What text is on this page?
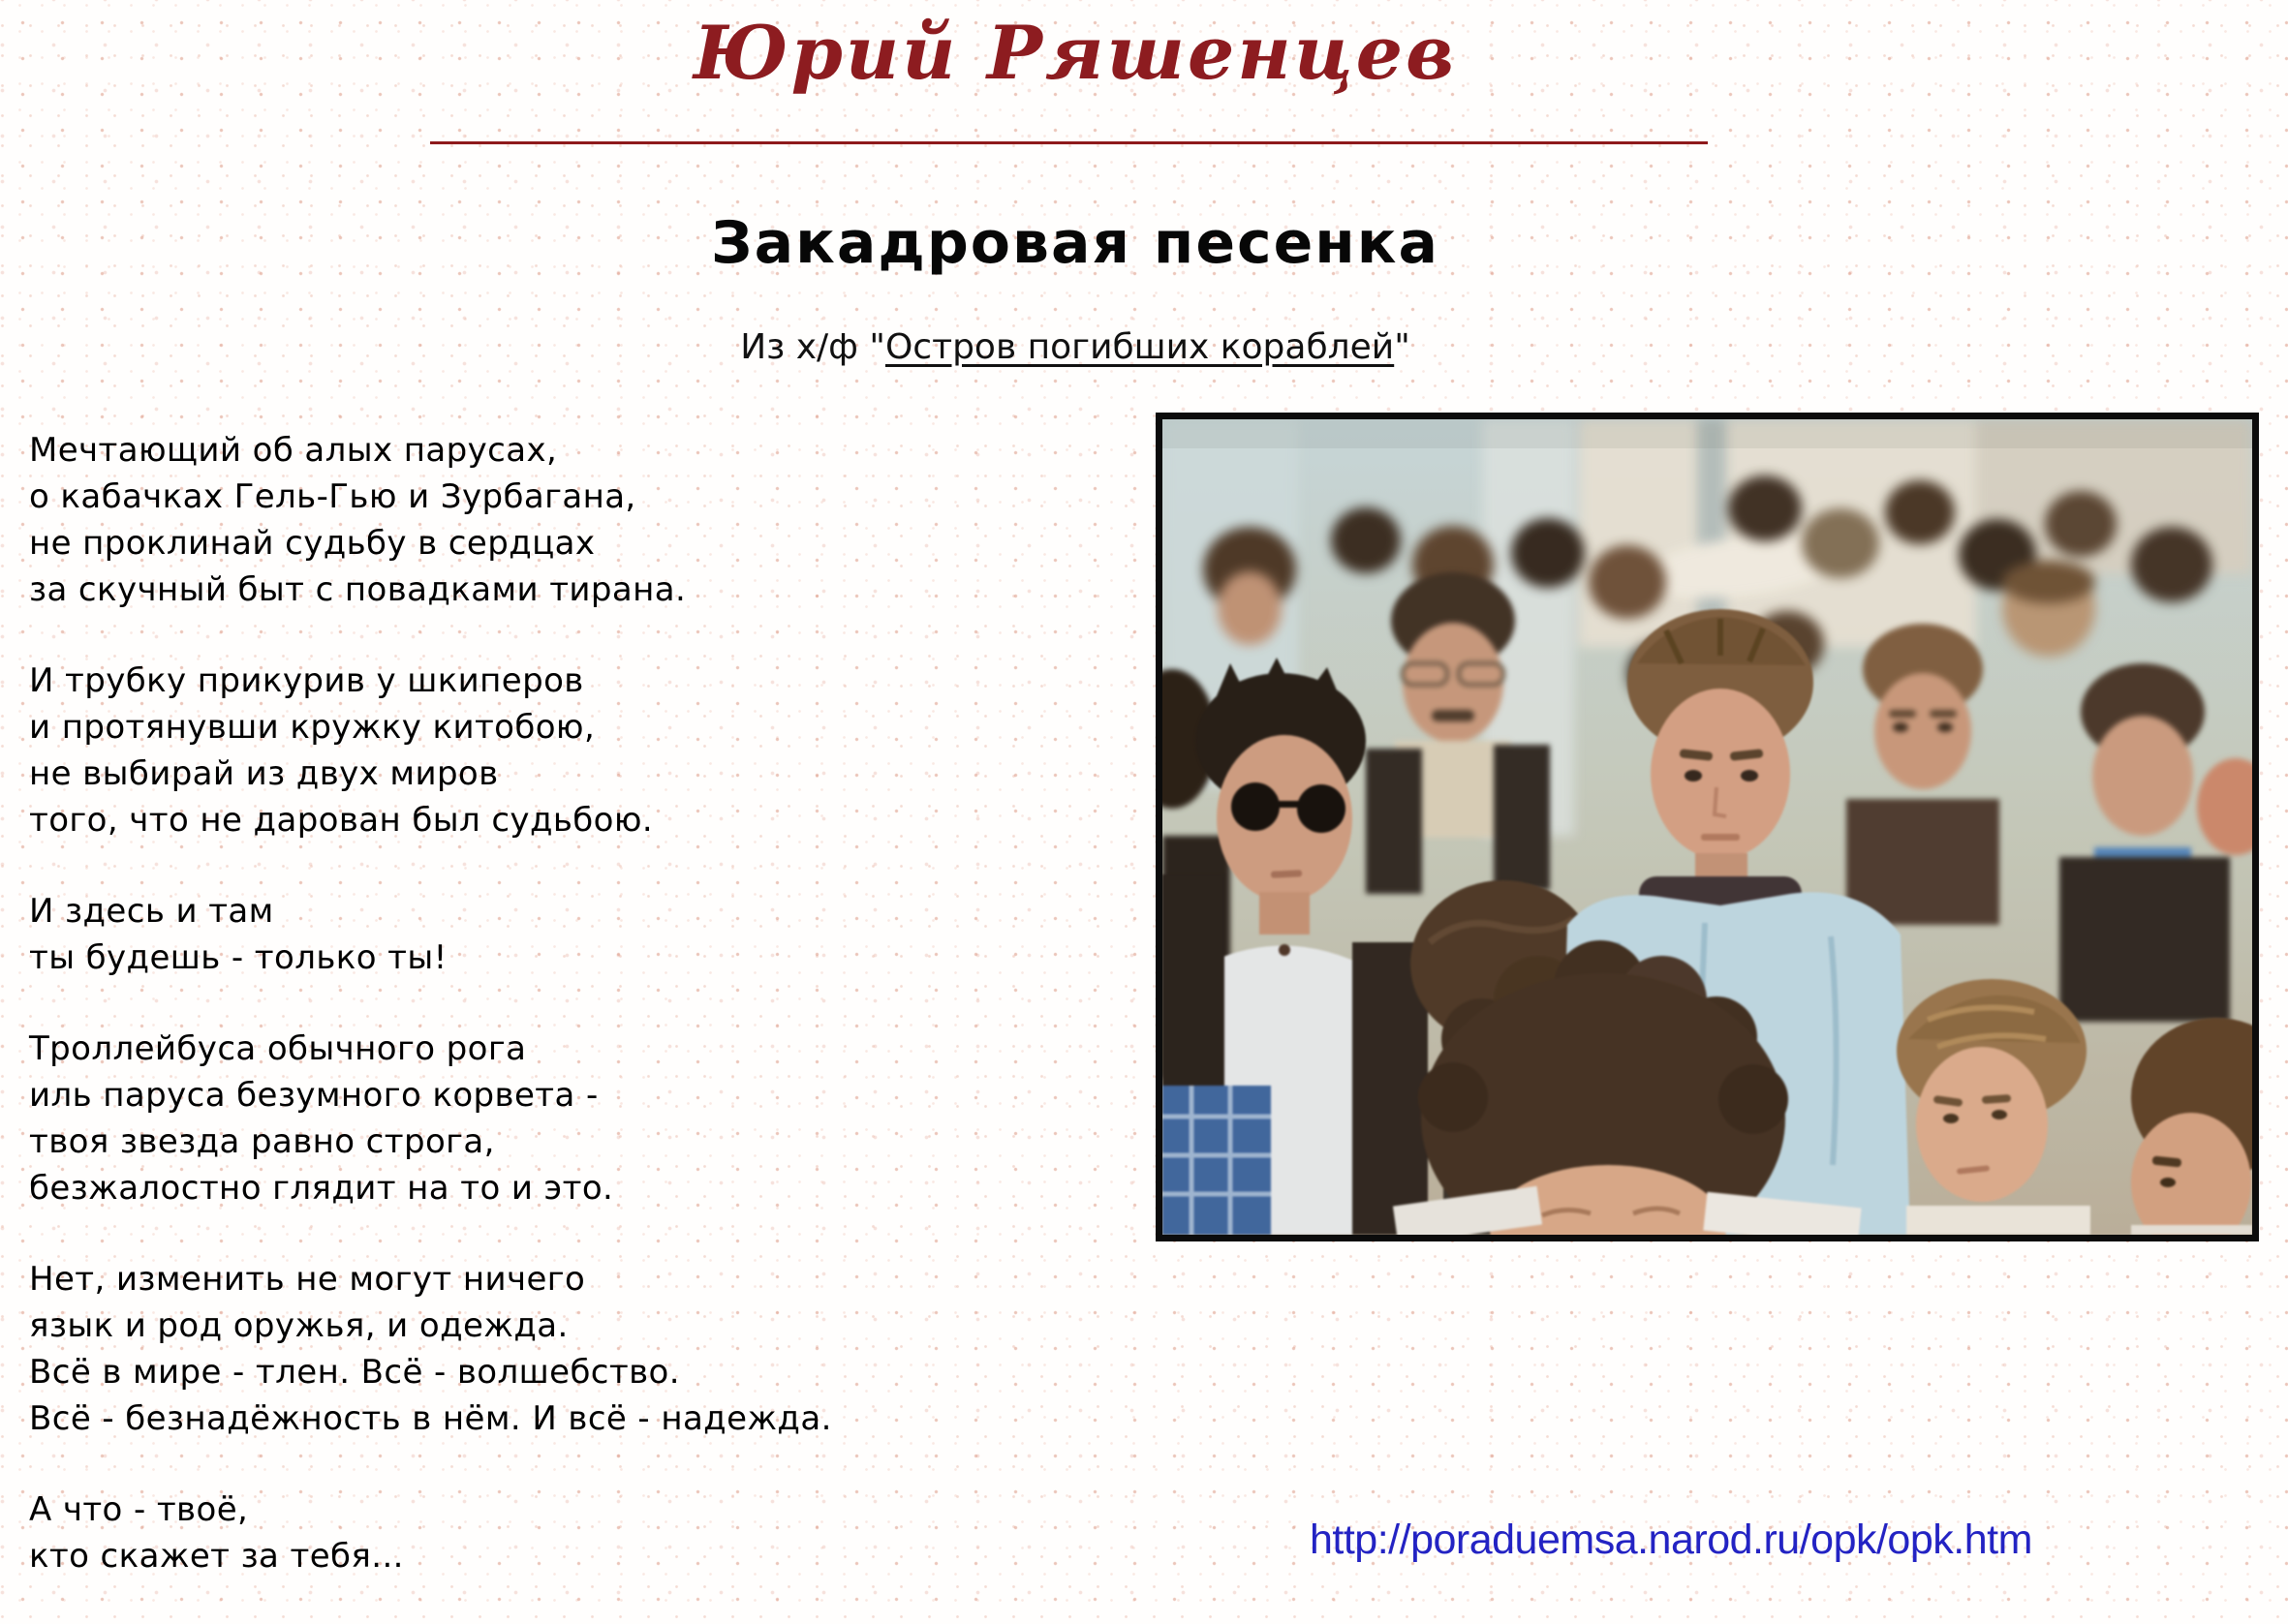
Юрий Ряшенцев
Закадровая песенка
Из х/ф "Остров погибших кораблей"
Мечтающий об алых парусах,
о кабачках Гель-Гью и Зурбагана,
не проклинай судьбу в сердцах
за скучный быт с повадками тирана.
И трубку прикурив у шкиперов
и протянувши кружку китобою,
не выбирай из двух миров
того, что не дарован был судьбою.
И здесь и там
ты будешь - только ты!
Троллейбуса обычного рога
иль паруса безумного корвета -
твоя звезда равно строга,
безжалостно глядит на то и это.
Нет, изменить не могут ничего
язык и род оружья, и одежда.
Всё в мире - тлен. Всё - волшебство.
Всё - безнадёжность в нём. И всё - надежда.
А что - твоё,
кто скажет за тебя...	http://poraduemsa.narod.ru/opk/opk.htm
